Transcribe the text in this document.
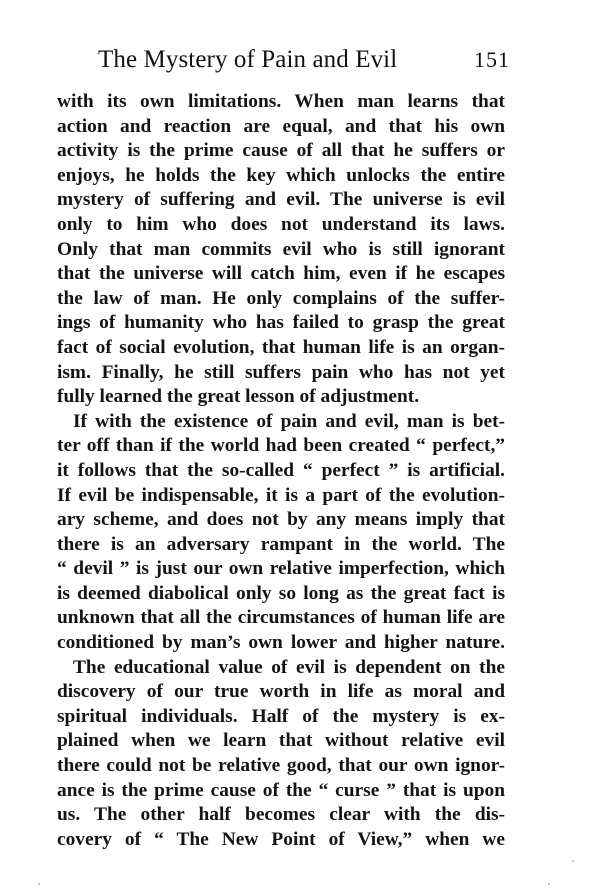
The Mystery of Pain and Evil	151
with its own limitations. When man learns that
action and reaction are equal, and that his own
activity is the prime cause of all that he suffers or
enjoys, he holds the key which unlocks the entire
mystery of suffering and evil. The universe is evil
only to him who does not understand its laws.
Only that man commits evil who is still ignorant
that the universe will catch him, even if he escapes
the law of man. He only complains of the suffer-
ings of humanity who has failed to grasp the great
fact of social evolution, that human life is an organ-
ism. Finally, he still suffers pain who has not yet
fully learned the great lesson of adjustment.
If with the existence of pain and evil, man is bet-
ter off than if the world had been created “ perfect,”
it follows that the so-called “ perfect ” is artificial.
If evil be indispensable, it is a part of the evolution-
ary scheme, and does not by any means imply that
there is an adversary rampant in the world. The
“ devil ” is just our own relative imperfection, which
is deemed diabolical only so long as the great fact is
unknown that all the circumstances of human life are
conditioned by man’s own lower and higher nature.
The educational value of evil is dependent on the
discovery of our true worth in life as moral and
spiritual individuals. Half of the mystery is ex-
plained when we learn that without relative evil
there could not be relative good, that our own ignor-
ance is the prime cause of the “ curse ” that is upon
us. The other half becomes clear with the dis-
covery of “ The New Point of View,” when we
